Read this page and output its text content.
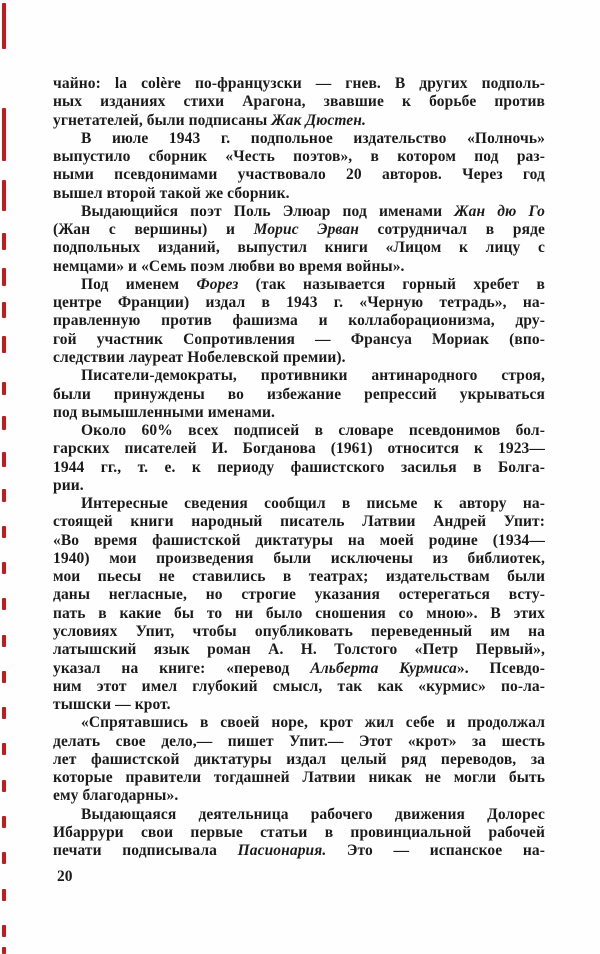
чайно: la colère по-французски — гнев. В других подполь-
ных изданиях стихи Арагона, звавшие к борьбе против
угнетателей, были подписаны Жак Дюстен.
В июле 1943 г. подпольное издательство «Полночь»
выпустило сборник «Честь поэтов», в котором под раз-
ными псевдонимами участвовало 20 авторов. Через год
вышел второй такой же сборник.
Выдающийся поэт Поль Элюар под именами Жан дю Го
(Жан с вершины) и Морис Эрван сотрудничал в ряде
подпольных изданий, выпустил книги «Лицом к лицу с
немцами» и «Семь поэм любви во время войны».
Под именем Форез (так называется горный хребет в
центре Франции) издал в 1943 г. «Черную тетрадь», на-
правленную против фашизма и коллаборационизма, дру-
гой участник Сопротивления — Франсуа Мориак (впо-
следствии лауреат Нобелевской премии).
Писатели-демократы, противники антинародного строя,
были принуждены во избежание репрессий укрываться
под вымышленными именами.
Около 60% всех подписей в словаре псевдонимов бол-
гарских писателей И. Богданова (1961) относится к 1923—
1944 гг., т. е. к периоду фашистского засилья в Болга-
рии.
Интересные сведения сообщил в письме к автору на-
стоящей книги народный писатель Латвии Андрей Упит:
«Во время фашистской диктатуры на моей родине (1934—
1940) мои произведения были исключены из библиотек,
мои пьесы не ставились в театрах; издательствам были
даны негласные, но строгие указания остерегаться всту-
пать в какие бы то ни было сношения со мною». В этих
условиях Упит, чтобы опубликовать переведенный им на
латышский язык роман А. Н. Толстого «Петр Первый»,
указал на книге: «перевод Альберта Курмиса». Псевдо-
ним этот имел глубокий смысл, так как «курмис» по-ла-
тышски — крот.
«Спрятавшись в своей норе, крот жил себе и продолжал
делать свое дело,— пишет Упит.— Этот «крот» за шесть
лет фашистской диктатуры издал целый ряд переводов, за
которые правители тогдашней Латвии никак не могли быть
ему благодарны».
Выдающаяся деятельница рабочего движения Долорес
Ибаррури свои первые статьи в провинциальной рабочей
печати подписывала Пасионария. Это — испанское на-
20
